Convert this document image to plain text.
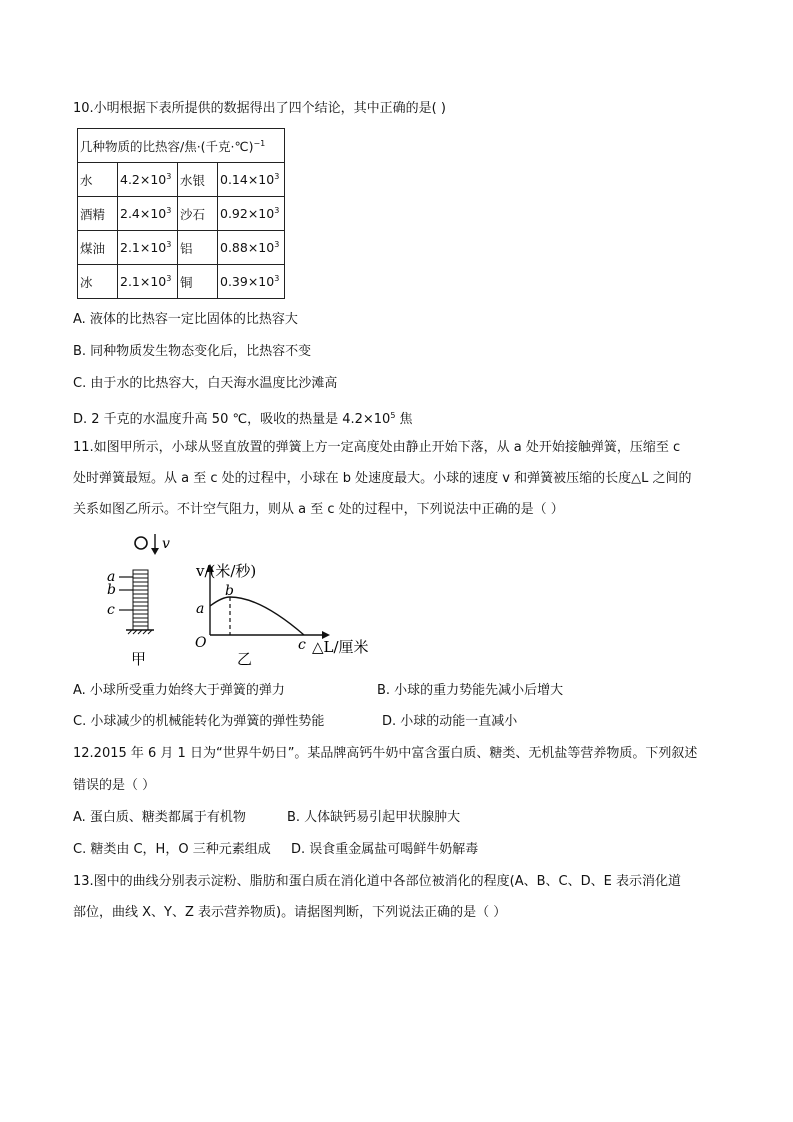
10.小明根据下表所提供的数据得出了四个结论，其中正确的是( )
几种物质的比热容/焦·(千克·℃)$^{-1}$
水	$4.2\times 10^3$	水银	$0.14\times 10^3$
酒精	$2.4\times 10^3$	沙石	$0.92\times 10^3$
煤油	$2.1\times 10^3$	铝	$0.88\times 10^3$
冰	$2.1\times 10^3$	铜	$0.39\times 10^3$
A. 液体的比热容一定比固体的比热容大
B. 同种物质发生物态变化后，比热容不变
C. 由于水的比热容大，白天海水温度比沙滩高
D. 2 千克的水温度升高 50 ℃，吸收的热量是 $4.2\times 10^5$ 焦
11.如图甲所示，小球从竖直放置的弹簧上方一定高度处由静止开始下落，从 a 处开始接触弹簧，压缩至 c
处时弹簧最短。从 a 至 c 处的过程中，小球在 b 处速度最大。小球的速度 v 和弹簧被压缩的长度△L 之间的
关系如图乙所示。不计空气阻力，则从 a 至 c 处的过程中，下列说法中正确的是（ ）
v
a
b
c
甲
v/(米/秒)
a
b
O	c △L/厘米
乙
A. 小球所受重力始终大于弹簧的弹力	B. 小球的重力势能先减小后增大
C. 小球减少的机械能转化为弹簧的弹性势能	D. 小球的动能一直减小
12.2015 年 6 月 1 日为“世界牛奶日”。某品牌高钙牛奶中富含蛋白质、糖类、无机盐等营养物质。下列叙述
错误的是（ ）
A. 蛋白质、糖类都属于有机物	B. 人体缺钙易引起甲状腺肿大
C. 糖类由 C，H，O 三种元素组成 D. 误食重金属盐可喝鲜牛奶解毒
13.图中的曲线分别表示淀粉、脂肪和蛋白质在消化道中各部位被消化的程度(A、B、C、D、E 表示消化道
部位，曲线 X、Y、Z 表示营养物质)。请据图判断，下列说法正确的是（ ）
